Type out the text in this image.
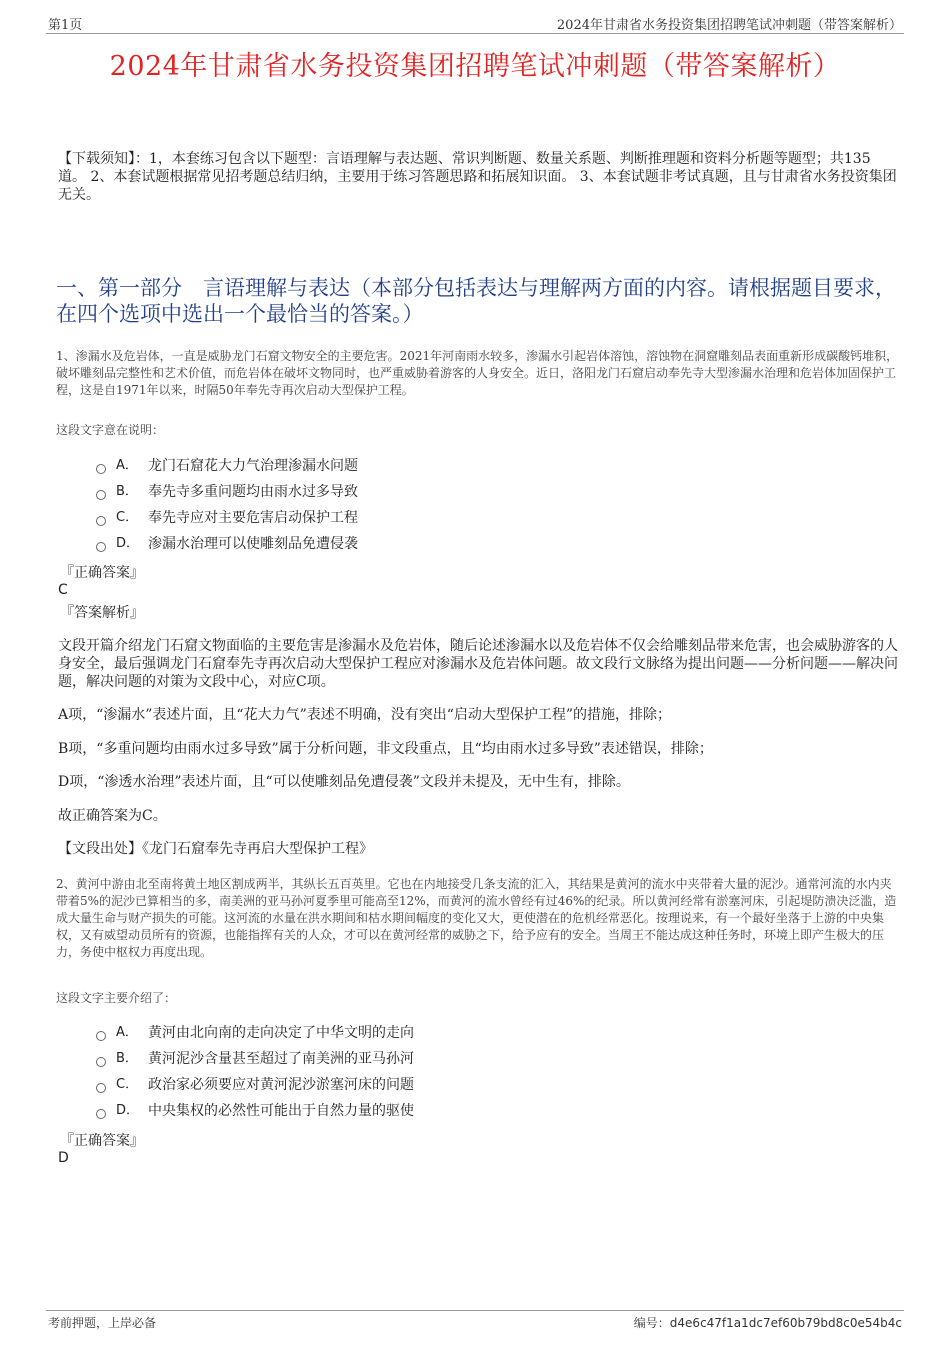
第1页	2024年甘肃省水务投资集团招聘笔试冲刺题（带答案解析）
2024年甘肃省水务投资集团招聘笔试冲刺题（带答案解析）
【下载须知】：1，本套练习包含以下题型：言语理解与表达题、常识判断题、数量关系题、判断推理题和资料分析题等题型；共135道。 2、本套试题根据常见招考题总结归纳，主要用于练习答题思路和拓展知识面。 3、本套试题非考试真题，且与甘肃省水务投资集团无关。
一、第一部分　言语理解与表达（本部分包括表达与理解两方面的内容。请根据题目要求，在四个选项中选出一个最恰当的答案。）
1、渗漏水及危岩体，一直是威胁龙门石窟文物安全的主要危害。2021年河南雨水较多，渗漏水引起岩体溶蚀，溶蚀物在洞窟雕刻品表面重新形成碳酸钙堆积，破坏雕刻品完整性和艺术价值，而危岩体在破坏文物同时，也严重威胁着游客的人身安全。近日，洛阳龙门石窟启动奉先寺大型渗漏水治理和危岩体加固保护工程，这是自1971年以来，时隔50年奉先寺再次启动大型保护工程。
这段文字意在说明：
A． 龙门石窟花大力气治理渗漏水问题
B． 奉先寺多重问题均由雨水过多导致
C． 奉先寺应对主要危害启动保护工程
D． 渗漏水治理可以使雕刻品免遭侵袭
『正确答案』
C
『答案解析』
文段开篇介绍龙门石窟文物面临的主要危害是渗漏水及危岩体，随后论述渗漏水以及危岩体不仅会给雕刻品带来危害，也会威胁游客的人身安全，最后强调龙门石窟奉先寺再次启动大型保护工程应对渗漏水及危岩体问题。故文段行文脉络为提出问题——分析问题——解决问题，解决问题的对策为文段中心，对应C项。
A项，“渗漏水”表述片面，且“花大力气”表述不明确，没有突出“启动大型保护工程”的措施，排除；
B项，“多重问题均由雨水过多导致”属于分析问题，非文段重点，且“均由雨水过多导致”表述错误，排除；
D项，“渗透水治理”表述片面，且“可以使雕刻品免遭侵袭”文段并未提及，无中生有，排除。
故正确答案为C。
【文段出处】《龙门石窟奉先寺再启大型保护工程》
2、黄河中游由北至南将黄土地区割成两半，其纵长五百英里。它也在内地接受几条支流的汇入，其结果是黄河的流水中夹带着大量的泥沙。通常河流的水内夹带着5%的泥沙已算相当的多，南美洲的亚马孙河夏季里可能高至12%，而黄河的流水曾经有过46%的纪录。所以黄河经常有淤塞河床，引起堤防溃决泛滥，造成大量生命与财产损失的可能。这河流的水量在洪水期间和枯水期间幅度的变化又大，更使潜在的危机经常恶化。按理说来，有一个最好坐落于上游的中央集权，又有威望动员所有的资源，也能指挥有关的人众，才可以在黄河经常的威胁之下，给予应有的安全。当周王不能达成这种任务时，环境上即产生极大的压力，务使中枢权力再度出现。
这段文字主要介绍了：
A． 黄河由北向南的走向决定了中华文明的走向
B． 黄河泥沙含量甚至超过了南美洲的亚马孙河
C． 政治家必须要应对黄河泥沙淤塞河床的问题
D． 中央集权的必然性可能出于自然力量的驱使
『正确答案』
D
考前押题，上岸必备	编号：d4e6c47f1a1dc7ef60b79bd8c0e54b4c
